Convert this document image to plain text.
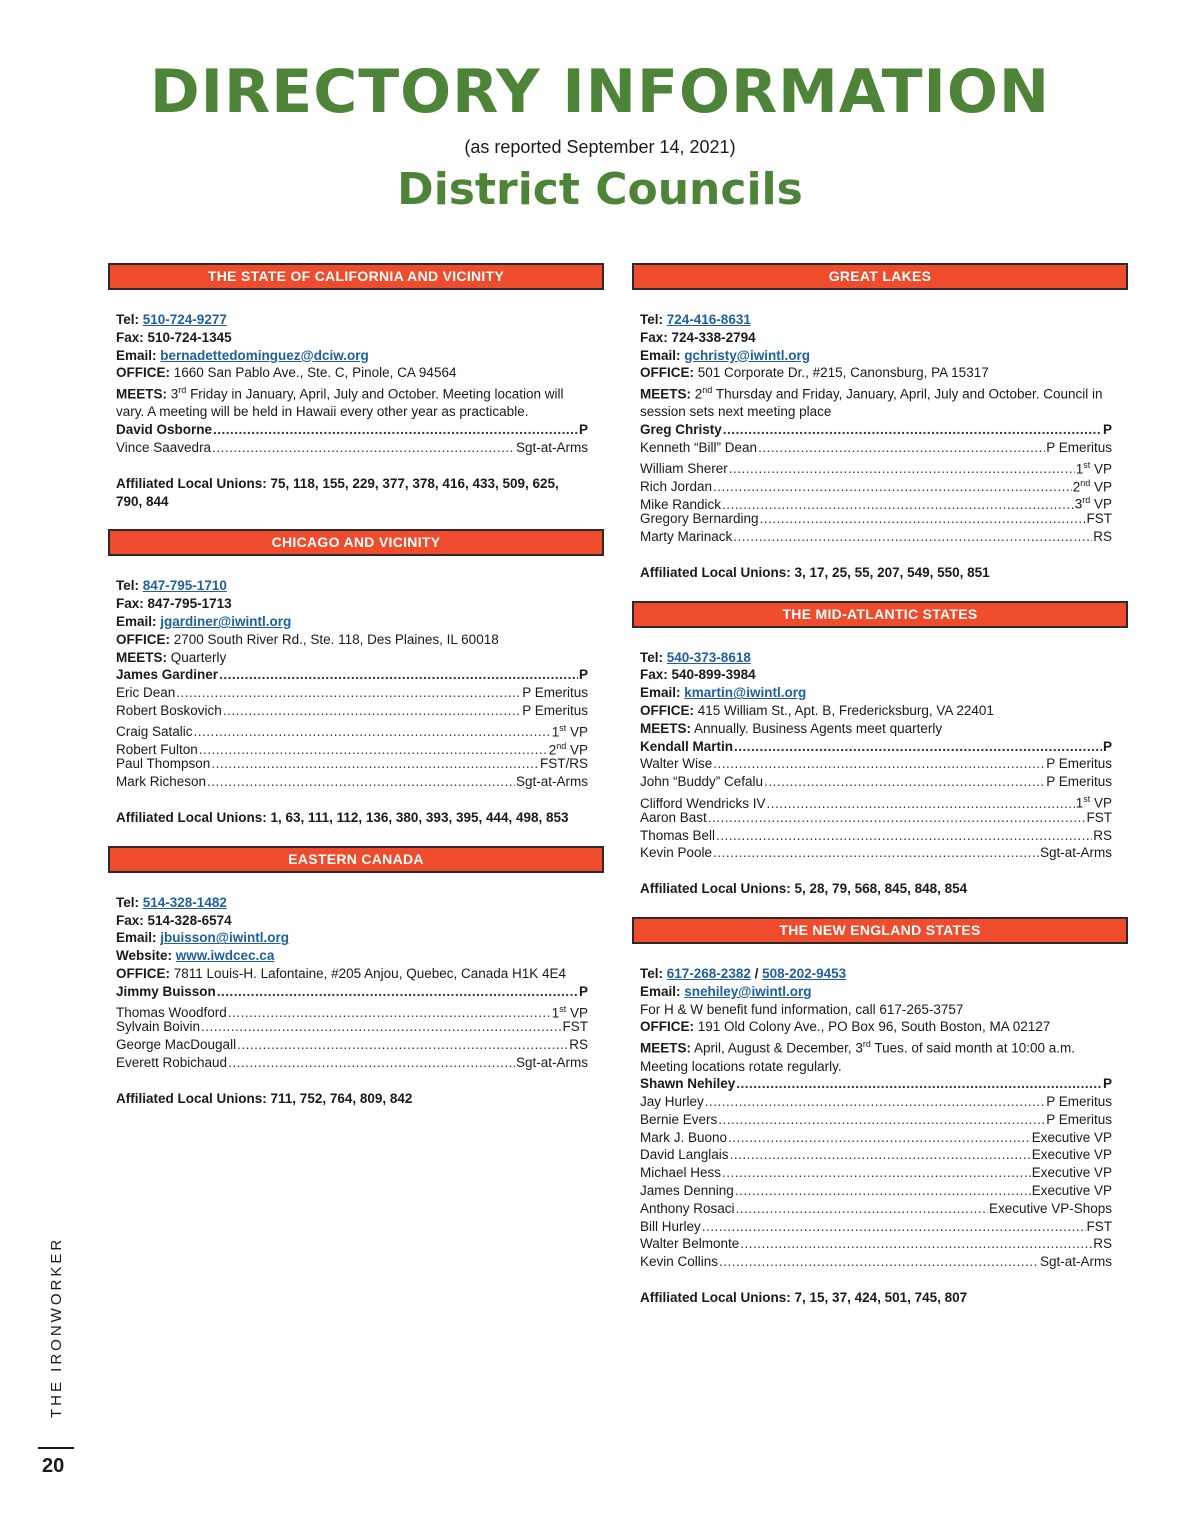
DIRECTORY INFORMATION
(as reported September 14, 2021)
District Councils
THE STATE OF CALIFORNIA AND VICINITY
Tel: 510-724-9277
Fax: 510-724-1345
Email: bernadettedominguez@dciw.org
OFFICE: 1660 San Pablo Ave., Ste. C, Pinole, CA 94564
MEETS: 3rd Friday in January, April, July and October. Meeting location will vary. A meeting will be held in Hawaii every other year as practicable.
David Osborne .....	P
Vince Saavedra .....	Sgt-at-Arms
Affiliated Local Unions: 75, 118, 155, 229, 377, 378, 416, 433, 509, 625, 790, 844
CHICAGO AND VICINITY
Tel: 847-795-1710
Fax: 847-795-1713
Email: jgardiner@iwintl.org
OFFICE: 2700 South River Rd., Ste. 118, Des Plaines, IL 60018
MEETS: Quarterly
James Gardiner .....	P
Eric Dean .....	P Emeritus
Robert Boskovich .....	P Emeritus
Craig Satalic .....	1st VP
Robert Fulton .....	2nd VP
Paul Thompson .....	FST/RS
Mark Richeson .....	Sgt-at-Arms
Affiliated Local Unions: 1, 63, 111, 112, 136, 380, 393, 395, 444, 498, 853
EASTERN CANADA
Tel: 514-328-1482
Fax: 514-328-6574
Email: jbuisson@iwintl.org
Website: www.iwdcec.ca
OFFICE: 7811 Louis-H. Lafontaine, #205 Anjou, Quebec, Canada H1K 4E4
Jimmy Buisson .....	P
Thomas Woodford .....	1st VP
Sylvain Boivin .....	FST
George MacDougall .....	RS
Everett Robichaud .....	Sgt-at-Arms
Affiliated Local Unions: 711, 752, 764, 809, 842
GREAT LAKES
Tel: 724-416-8631
Fax: 724-338-2794
Email: gchristy@iwintl.org
OFFICE: 501 Corporate Dr., #215, Canonsburg, PA 15317
MEETS: 2nd Thursday and Friday, January, April, July and October. Council in session sets next meeting place
Greg Christy .....	P
Kenneth “Bill” Dean .....	P Emeritus
William Sherer .....	1st VP
Rich Jordan .....	2nd VP
Mike Randick .....	3rd VP
Gregory Bernarding .....	FST
Marty Marinack .....	RS
Affiliated Local Unions: 3, 17, 25, 55, 207, 549, 550, 851
THE MID-ATLANTIC STATES
Tel: 540-373-8618
Fax: 540-899-3984
Email: kmartin@iwintl.org
OFFICE: 415 William St., Apt. B, Fredericksburg, VA 22401
MEETS: Annually. Business Agents meet quarterly
Kendall Martin .....	P
Walter Wise .....	P Emeritus
John “Buddy” Cefalu .....	P Emeritus
Clifford Wendricks IV .....	1st VP
Aaron Bast .....	FST
Thomas Bell .....	RS
Kevin Poole .....	Sgt-at-Arms
Affiliated Local Unions: 5, 28, 79, 568, 845, 848, 854
THE NEW ENGLAND STATES
Tel: 617-268-2382 / 508-202-9453
Email: snehiley@iwintl.org
For H & W benefit fund information, call 617-265-3757
OFFICE: 191 Old Colony Ave., PO Box 96, South Boston, MA 02127
MEETS: April, August & December, 3rd Tues. of said month at 10:00 a.m. Meeting locations rotate regularly.
Shawn Nehiley .....	P
Jay Hurley .....	P Emeritus
Bernie Evers .....	P Emeritus
Mark J. Buono .....	Executive VP
David Langlais .....	Executive VP
Michael Hess .....	Executive VP
James Denning .....	Executive VP
Anthony Rosaci .....	Executive VP-Shops
Bill Hurley .....	FST
Walter Belmonte .....	RS
Kevin Collins .....	Sgt-at-Arms
Affiliated Local Unions: 7, 15, 37, 424, 501, 745, 807
THE IRONWORKER
20
